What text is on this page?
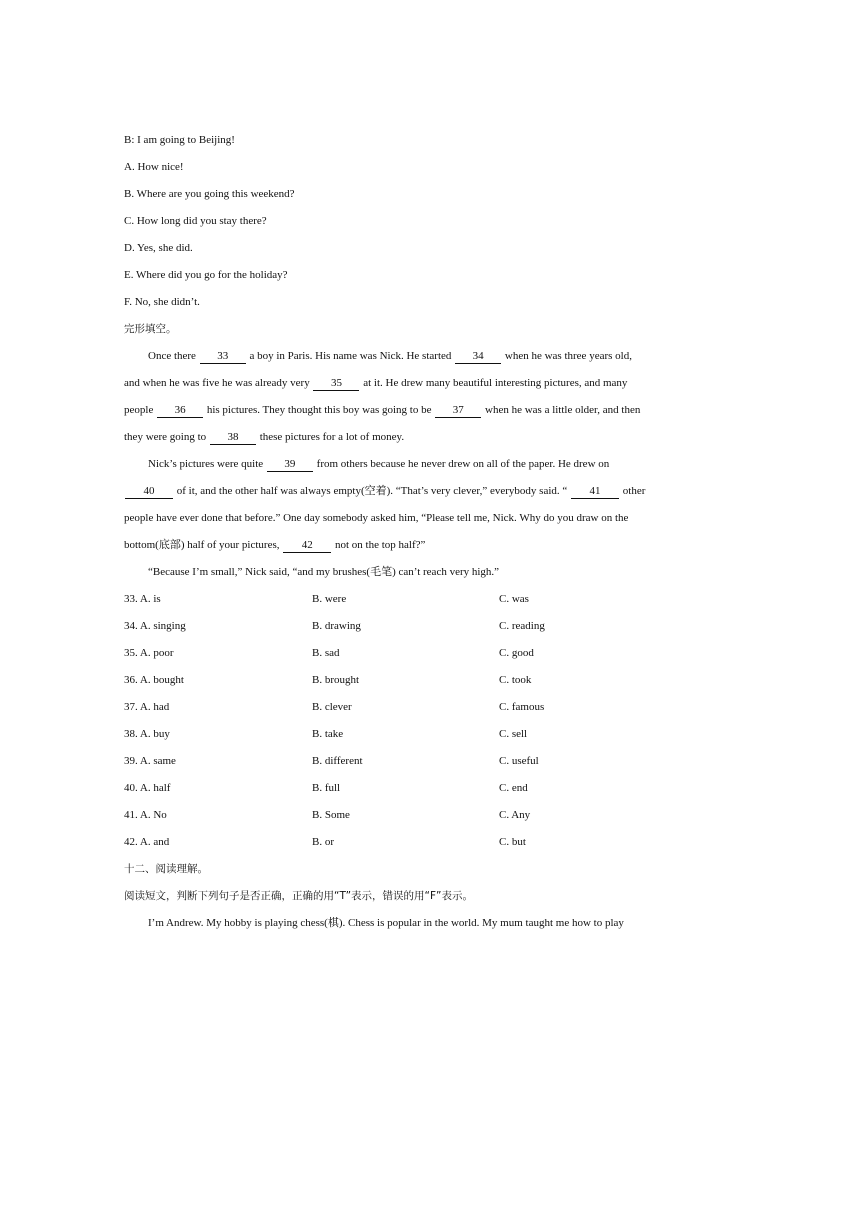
B: I am going to Beijing!
A. How nice!
B. Where are you going this weekend?
C. How long did you stay there?
D. Yes, she did.
E. Where did you go for the holiday?
F. No, she didn’t.
完形填空。
Once there 33 a boy in Paris. His name was Nick. He started 34 when he was three years old,
and when he was five he was already very 35 at it. He drew many beautiful interesting pictures, and many
people 36 his pictures. They thought this boy was going to be 37 when he was a little older, and then
they were going to 38 these pictures for a lot of money.
Nick’s pictures were quite 39 from others because he never drew on all of the paper. He drew on
40 of it, and the other half was always empty(空着). “That’s very clever,” everybody said. “ 41 other
people have ever done that before.” One day somebody asked him, “Please tell me, Nick. Why do you draw on the
bottom(底部) half of your pictures, 42 not on the top half?”
“Because I’m small,” Nick said, “and my brushes(毛笔) can’t reach very high.”
33. A. is	B. were	C. was
34. A. singing	B. drawing	C. reading
35. A. poor	B. sad	C. good
36. A. bought	B. brought	C. took
37. A. had	B. clever	C. famous
38. A. buy	B. take	C. sell
39. A. same	B. different	C. useful
40. A. half	B. full	C. end
41. A. No	B. Some	C. Any
42. A. and	B. or	C. but
十二、阅读理解。
阅读短文，判断下列句子是否正确，正确的用“T”表示，错误的用“F”表示。
I’m Andrew. My hobby is playing chess(棋). Chess is popular in the world. My mum taught me how to play
